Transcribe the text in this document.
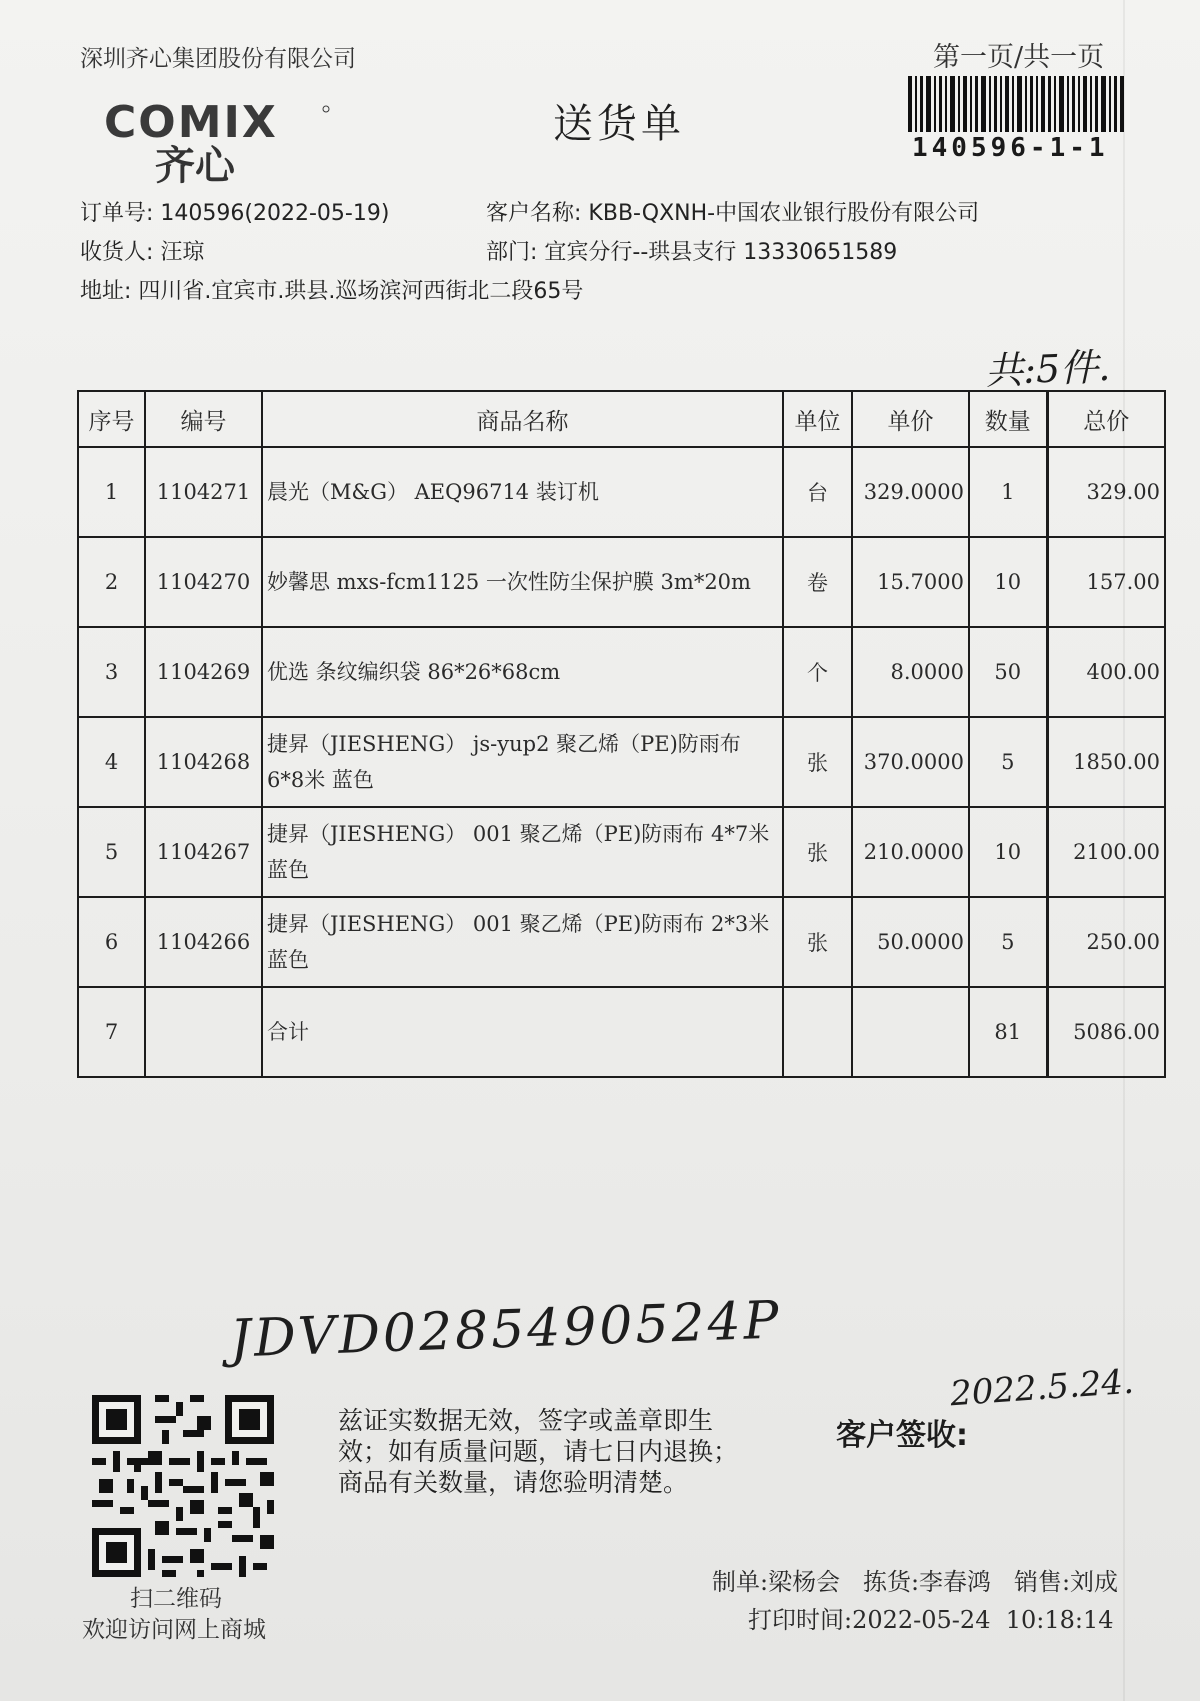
深圳齐心集团股份有限公司
COMIX
齐心
送货单
第一页/共一页
140596-1-1
订单号: 140596(2022-05-19)	客户名称: KBB-QXNH-中国农业银行股份有限公司
收货人: 汪琼	部门: 宜宾分行--珙县支行 13330651589
地址: 四川省.宜宾市.珙县.巡场滨河西街北二段65号
共:5件.
序号	编号	商品名称	单位	单价	数量	总价
1	1104271	晨光（M&G） AEQ96714 装订机	台	329.0000	1	329.00
2	1104270	妙馨思 mxs-fcm1125 一次性防尘保护膜 3m*20m	卷	15.7000	10	157.00
3	1104269	优选 条纹编织袋 86*26*68cm	个	8.0000	50	400.00
4	1104268	捷昇（JIESHENG） js-yup2 聚乙烯（PE)防雨布 6*8米 蓝色	张	370.0000	5	1850.00
5	1104267	捷昇（JIESHENG） 001 聚乙烯（PE)防雨布 4*7米 蓝色	张	210.0000	10	2100.00
6	1104266	捷昇（JIESHENG） 001 聚乙烯（PE)防雨布 2*3米 蓝色	张	50.0000	5	250.00
7		合计			81	5086.00
JDVD0285490524P
扫二维码
欢迎访问网上商城
兹证实数据无效，签字或盖章即生
效；如有质量问题，请七日内退换；
商品有关数量，请您验明清楚。
2022.5.24.
客户签收:
制单:梁杨会   拣货:李春鸿   销售:刘成
打印时间:2022-05-24  10:18:14
